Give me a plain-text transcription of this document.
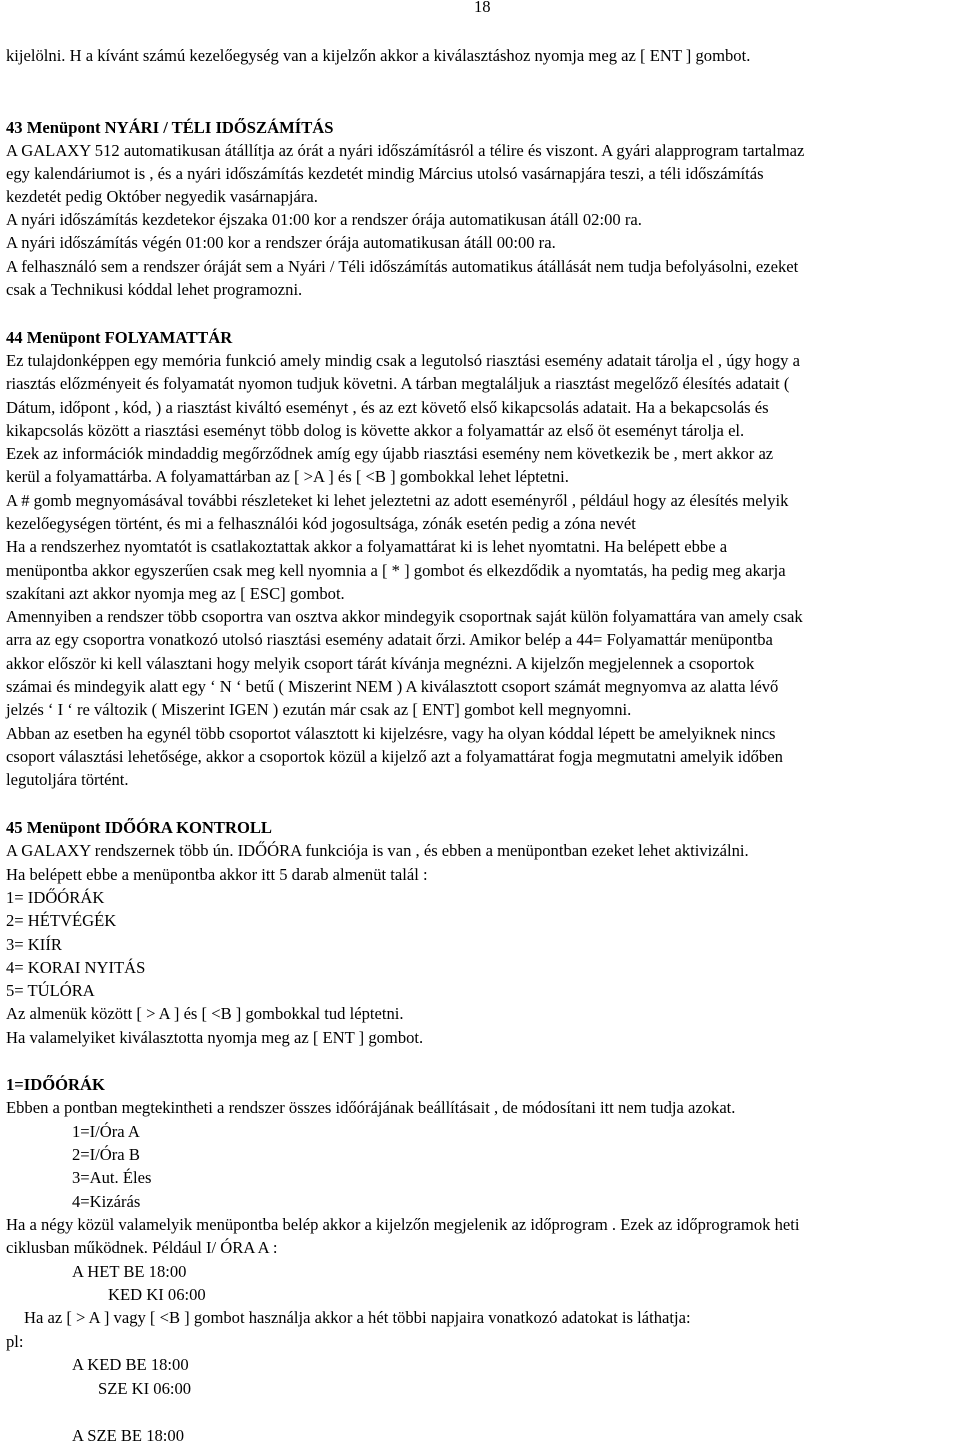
18
kijelölni. H a kívánt számú kezelőegység van a kijelzőn akkor a kiválasztáshoz nyomja meg az [ ENT ] gombot.
43 Menüpont NYÁRI / TÉLI IDŐSZÁMÍTÁS
A GALAXY 512 automatikusan átállítja az órát a nyári időszámításról a télire és viszont. A gyári alapprogram tartalmaz
egy kalendáriumot is , és a nyári időszámítás kezdetét mindig Március utolsó vasárnapjára teszi, a téli időszámítás
kezdetét pedig Október negyedik vasárnapjára.
A nyári időszámítás kezdetekor éjszaka 01:00 kor a rendszer órája automatikusan átáll 02:00 ra.
A nyári időszámítás végén 01:00 kor a rendszer órája automatikusan átáll 00:00 ra.
A felhasználó sem a rendszer óráját sem a Nyári / Téli időszámítás automatikus átállását nem tudja befolyásolni, ezeket
csak a Technikusi kóddal lehet programozni.
44 Menüpont FOLYAMATTÁR
Ez tulajdonképpen egy memória funkció amely mindig csak a legutolsó riasztási esemény adatait tárolja el , úgy hogy a
riasztás előzményeit és folyamatát nyomon tudjuk követni. A tárban megtaláljuk a riasztást megelőző élesítés adatait (
Dátum, időpont , kód, ) a riasztást kiváltó eseményt , és az ezt követő első kikapcsolás adatait. Ha a bekapcsolás és
kikapcsolás között a riasztási eseményt több dolog is követte akkor a folyamattár az első öt eseményt tárolja el.
Ezek az információk mindaddig megőrződnek amíg egy újabb riasztási esemény nem következik be , mert akkor az
kerül a folyamattárba. A folyamattárban az [ >A ] és [ <B ] gombokkal lehet léptetni.
A # gomb megnyomásával további részleteket ki lehet jeleztetni az adott eseményről , például hogy az élesítés melyik
kezelőegységen történt, és mi a felhasználói kód jogosultsága, zónák esetén pedig a zóna nevét
Ha a rendszerhez nyomtatót is csatlakoztattak akkor a folyamattárat ki is lehet nyomtatni. Ha belépett ebbe a
menüpontba akkor egyszerűen csak meg kell nyomnia a [ * ] gombot és elkezdődik a nyomtatás, ha pedig meg akarja
szakítani azt akkor nyomja meg az [ ESC] gombot.
Amennyiben a rendszer több csoportra van osztva akkor mindegyik csoportnak saját külön folyamattára van amely csak
arra az egy csoportra vonatkozó utolsó riasztási esemény adatait őrzi. Amikor belép a 44= Folyamattár menüpontba
akkor először ki kell választani hogy melyik csoport tárát kívánja megnézni. A kijelzőn megjelennek a csoportok
számai és mindegyik alatt egy ‘ N ‘ betű ( Miszerint NEM ) A kiválasztott csoport számát megnyomva az alatta lévő
jelzés ‘ I ‘ re változik ( Miszerint IGEN ) ezután már csak az [ ENT] gombot kell megnyomni.
Abban az esetben ha egynél több csoportot választott ki kijelzésre, vagy ha olyan kóddal lépett be amelyiknek nincs
csoport választási lehetősége, akkor a csoportok közül a kijelző azt a folyamattárat fogja megmutatni amelyik időben
legutoljára történt.
45 Menüpont IDŐÓRA KONTROLL
A GALAXY rendszernek több ún. IDŐÓRA funkciója is van , és ebben a menüpontban ezeket lehet aktivizálni.
Ha belépett ebbe a menüpontba akkor itt 5 darab almenüt talál :
1= IDŐÓRÁK
2= HÉTVÉGÉK
3= KIÍR
4= KORAI NYITÁS
5= TÚLÓRA
Az almenük között [ > A ] és [ <B ] gombokkal tud léptetni.
Ha valamelyiket kiválasztotta nyomja meg az [ ENT ] gombot.
1=IDŐÓRÁK
Ebben a pontban megtekintheti a rendszer összes időórájának beállításait , de módosítani itt nem tudja azokat.
1=I/Óra A
2=I/Óra B
3=Aut. Éles
4=Kizárás
Ha a négy közül valamelyik menüpontba belép akkor a kijelzőn megjelenik az időprogram . Ezek az időprogramok heti
ciklusban működnek. Például I/ ÓRA A :
A HET BE 18:00
KED KI 06:00
Ha az [ > A ] vagy [ <B ] gombot használja akkor a hét többi napjaira vonatkozó adatokat is láthatja:
pl:
A KED BE 18:00
SZE KI 06:00
A SZE BE 18:00
